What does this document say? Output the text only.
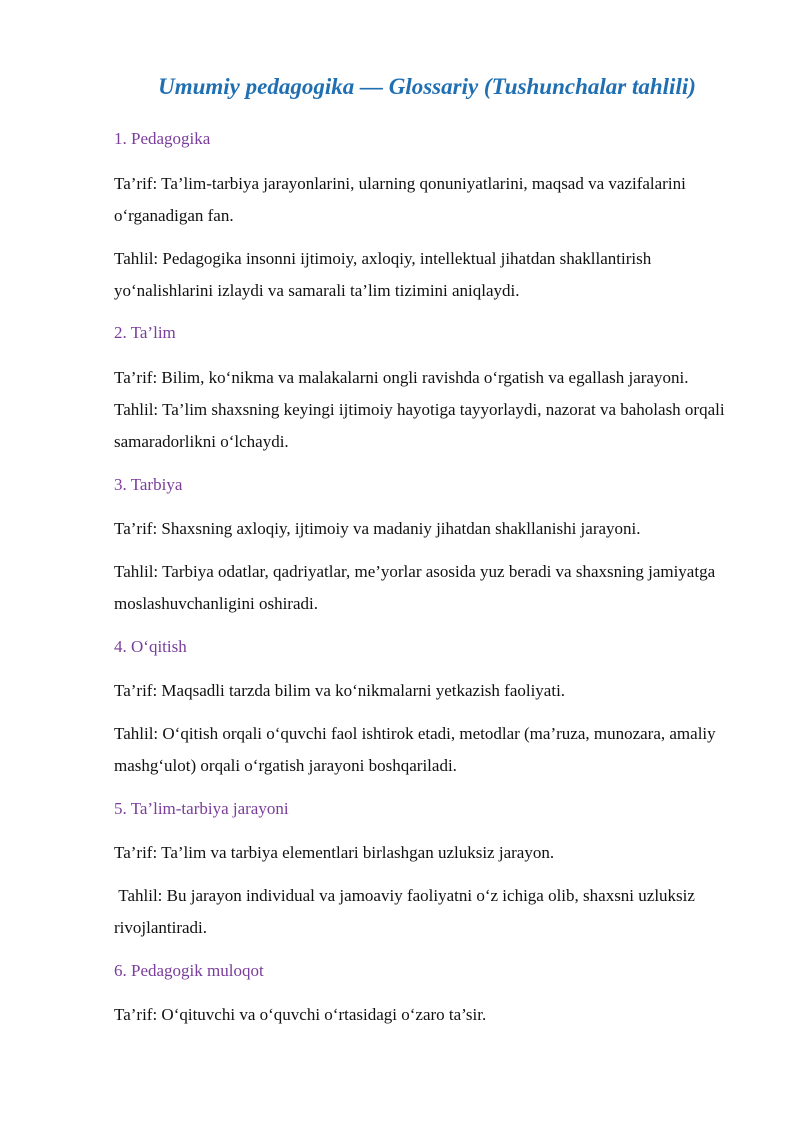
Umumiy pedagogika — Glossariy (Tushunchalar tahlili)
1. Pedagogika
Ta’rif: Ta’lim-tarbiya jarayonlarini, ularning qonuniyatlarini, maqsad va vazifalarini o‘rganadigan fan.
Tahlil: Pedagogika insonni ijtimoiy, axloqiy, intellektual jihatdan shakllantirish yo‘nalishlarini izlaydi va samarali ta’lim tizimini aniqlaydi.
2. Ta’lim
Ta’rif: Bilim, ko‘nikma va malakalarni ongli ravishda o‘rgatish va egallash jarayoni. Tahlil: Ta’lim shaxsning keyingi ijtimoiy hayotiga tayyorlaydi, nazorat va baholash orqali samaradorlikni o‘lchaydi.
3. Tarbiya
Ta’rif: Shaxsning axloqiy, ijtimoiy va madaniy jihatdan shakllanishi jarayoni.
Tahlil: Tarbiya odatlar, qadriyatlar, me’yorlar asosida yuz beradi va shaxsning jamiyatga moslashuvchanligini oshiradi.
4. O‘qitish
Ta’rif: Maqsadli tarzda bilim va ko‘nikmalarni yetkazish faoliyati.
Tahlil: O‘qitish orqali o‘quvchi faol ishtirok etadi, metodlar (ma’ruza, munozara, amaliy mashg‘ulot) orqali o‘rgatish jarayoni boshqariladi.
5. Ta’lim-tarbiya jarayoni
Ta’rif: Ta’lim va tarbiya elementlari birlashgan uzluksiz jarayon.
Tahlil: Bu jarayon individual va jamoaviy faoliyatni o‘z ichiga olib, shaxsni uzluksiz rivojlantiradi.
6. Pedagogik muloqot
Ta’rif: O‘qituvchi va o‘quvchi o‘rtasidagi o‘zaro ta’sir.
